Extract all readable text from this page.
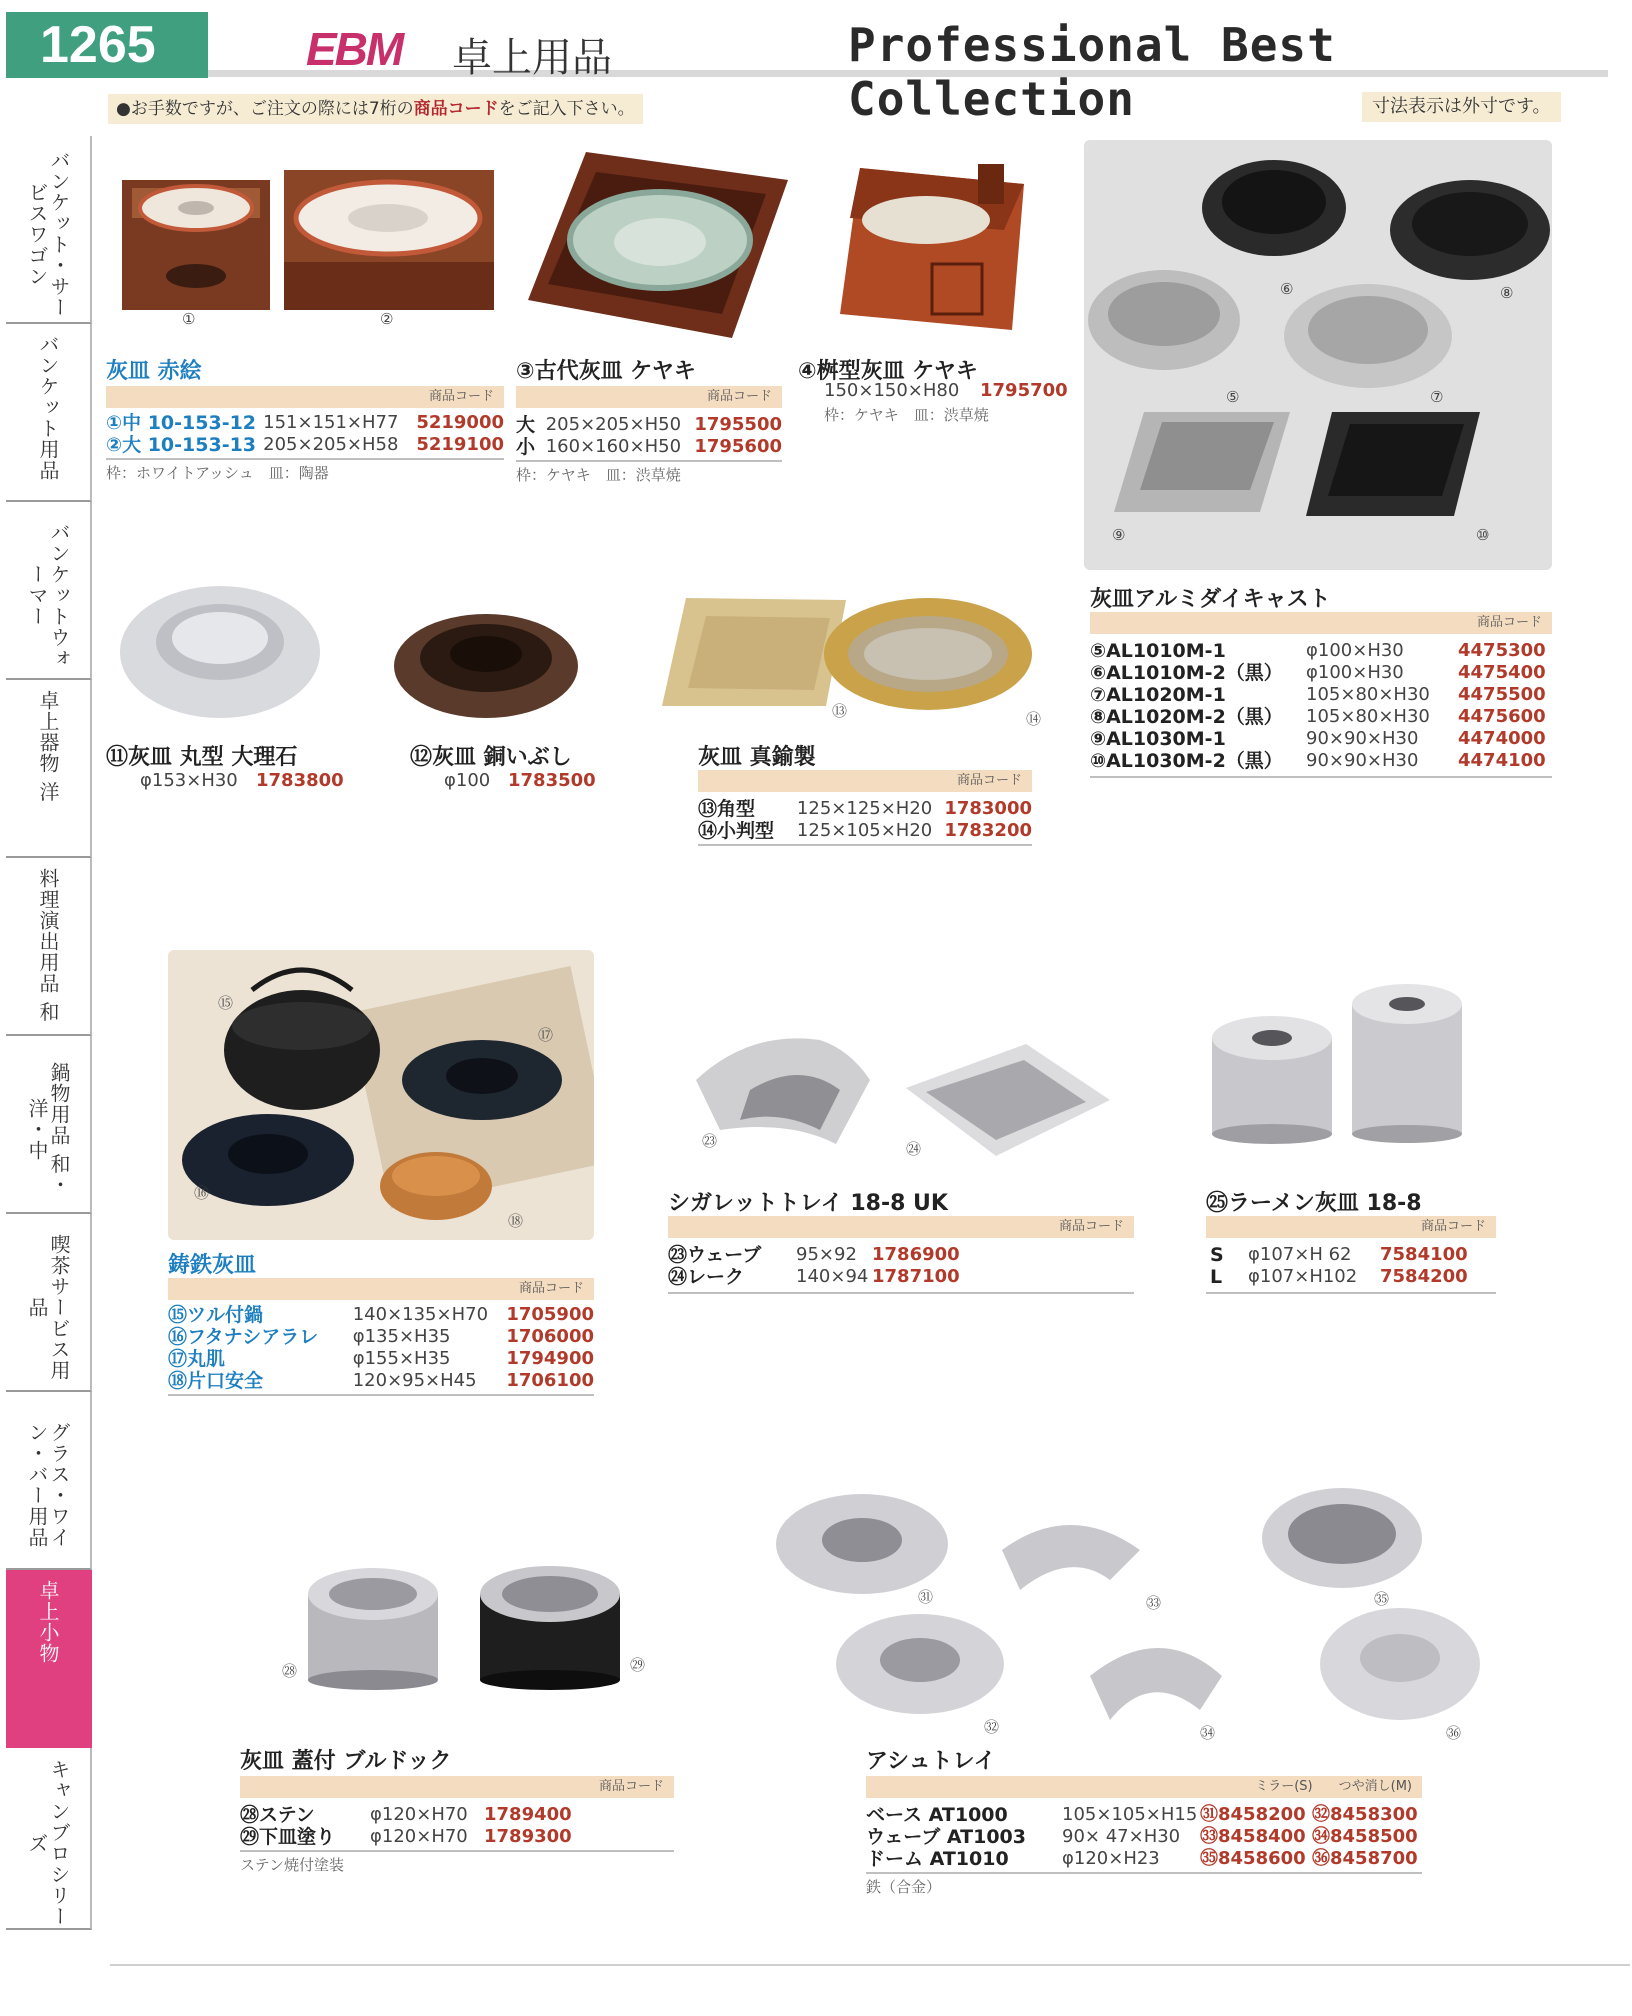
1265	EBM 卓上用品	Professional Best Collection
●お手数ですが、ご注文の際には7桁の商品コードをご記入下さい。	寸法表示は外寸です。
バンケット・サービスワゴン
バンケット用品
バンケットウォーマー
卓上器物 洋
料理演出用品 和
鍋物用品 和・洋・中
喫茶サービス用品
グラス・ワイン・バー用品
卓上小物
キャンブロシリーズ
①	②
灰皿 赤絵
商品コード
①中 10-153-12 151×151×H77 5219000
②大 10-153-13 205×205×H58 5219100
枠：ホワイトアッシュ　皿：陶器
③古代灰皿 ケヤキ
商品コード
大 205×205×H50 1795500
小 160×160×H50 1795600
枠：ケヤキ　皿：渋草焼
④桝型灰皿 ケヤキ
150×150×H80	1795700
枠：ケヤキ　皿：渋草焼
⑥	⑧
⑤	⑦
⑨	⑩
灰皿アルミダイキャスト
商品コード
⑤AL1010M-1	φ100×H30	4475300
⑥AL1010M-2（黒）	φ100×H30	4475400
⑦AL1020M-1	105×80×H30	4475500
⑧AL1020M-2（黒）	105×80×H30	4475600
⑨AL1030M-1	90×90×H30	4474000
⑩AL1030M-2（黒）	90×90×H30	4474100
⑪灰皿 丸型 大理石
φ153×H30	1783800
⑫灰皿 銅いぶし
φ100 1783500
⑬	⑭
灰皿 真鍮製
商品コード
⑬角型	125×125×H20 1783000
⑭小判型	125×105×H20 1783200
⑮
⑰
⑯
⑱
鋳鉄灰皿
商品コード
⑮ツル付鍋	140×135×H70	1705900
⑯フタナシアラレ	φ135×H35	1706000
⑰丸肌	φ155×H35	1794900
⑱片口安全	120×95×H45	1706100
㉓	㉔
シガレットトレイ 18-8 UK
商品コード
㉓ウェーブ	95×92 1786900
㉔レーク	140×94 1787100
㉕ラーメン灰皿 18-8
商品コード
S	φ107×H 62	7584100
L	φ107×H102	7584200
㉘	㉙
灰皿 蓋付 ブルドック
商品コード
㉘ステン	φ120×H70 1789400
㉙下皿塗り	φ120×H70 1789300
ステン焼付塗装
㉛	㉝	㉟
㉜	㉞	㊱
アシュトレイ
ミラー(S) つや消し(M)
ベース AT1000	105×105×H15 ㉛8458200 ㉜8458300
ウェーブ AT1003	90× 47×H30	㉝8458400 ㉞8458500
ドーム AT1010	φ120×H23	㉟8458600 ㊱8458700
鉄（合金）
